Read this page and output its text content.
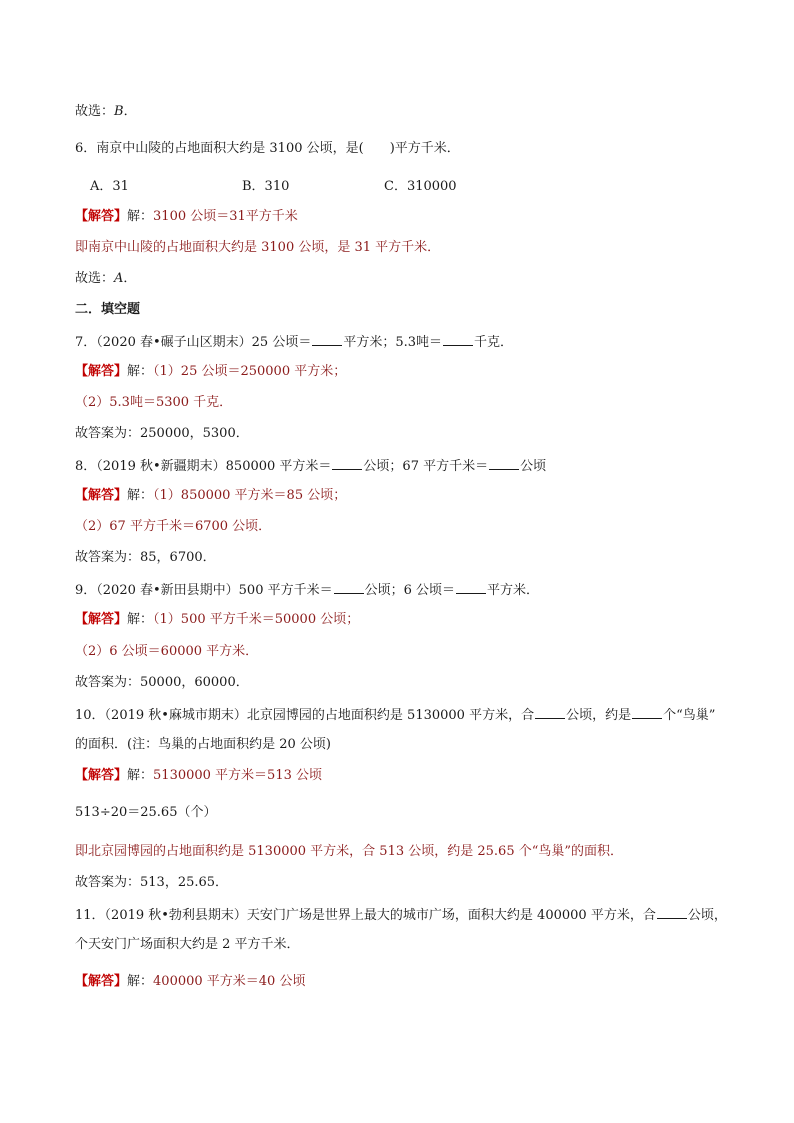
故选：B．
6．南京中山陵的占地面积大约是 3100 公顷，是( )平方千米．
A．31	B．310	C．310000
【解答】解：3100 公顷＝31平方千米
即南京中山陵的占地面积大约是 3100 公顷，是 31 平方千米．
故选：A．
二．填空题
7．（2020 春•碾子山区期末）25 公顷＝ 平方米；5.3吨＝ 千克．
【解答】解：（1）25 公顷＝250000 平方米；
（2）5.3吨＝5300 千克．
故答案为：250000，5300．
8．（2019 秋•新疆期末）850000 平方米＝ 公顷；67 平方千米＝ 公顷
【解答】解：（1）850000 平方米＝85 公顷；
（2）67 平方千米＝6700 公顷．
故答案为：85，6700．
9．（2020 春•新田县期中）500 平方千米＝ 公顷；6 公顷＝ 平方米．
【解答】解：（1）500 平方千米＝50000 公顷；
（2）6 公顷＝60000 平方米．
故答案为：50000，60000．
10．（2019 秋•麻城市期末）北京园博园的占地面积约是 5130000 平方米，合 公顷，约是 个“鸟巢”
的面积．(注：鸟巢的占地面积约是 20 公顷)
【解答】解：5130000 平方米＝513 公顷
513÷20＝25.65（个）
即北京园博园的占地面积约是 5130000 平方米，合 513 公顷，约是 25.65 个“鸟巢”的面积．
故答案为：513，25.65．
11．（2019 秋•勃利县期末）天安门广场是世界上最大的城市广场，面积大约是 400000 平方米，合 公顷，
个天安门广场面积大约是 2 平方千米．
【解答】解：400000 平方米＝40 公顷
